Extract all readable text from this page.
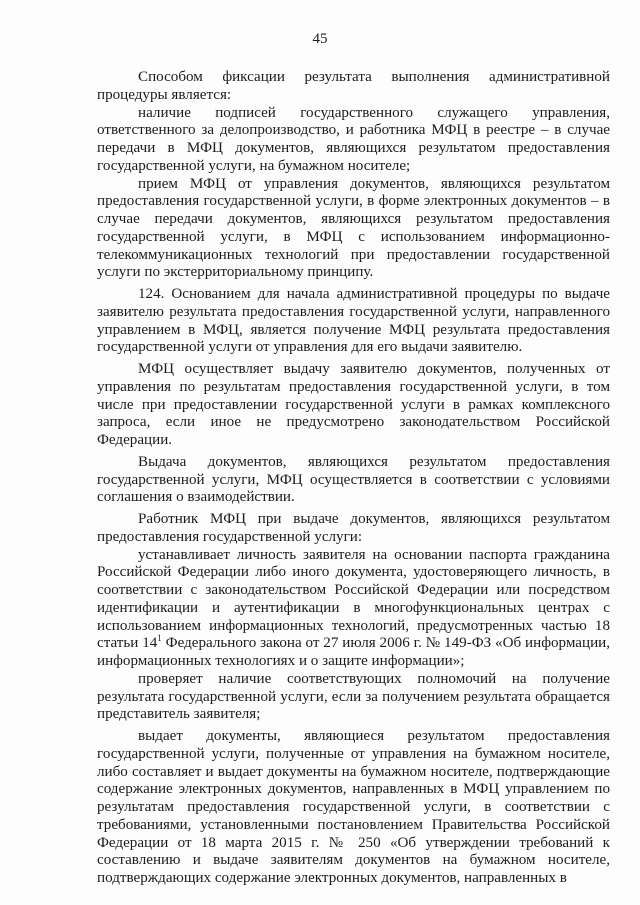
45

Способом фиксации результата выполнения административной процедуры является:

наличие подписей государственного служащего управления, ответственного за делопроизводство, и работника МФЦ в реестре – в случае передачи в МФЦ документов, являющихся результатом предоставления государственной услуги, на бумажном носителе;

прием МФЦ от управления документов, являющихся результатом предоставления государственной услуги, в форме электронных документов – в случае передачи документов, являющихся результатом предоставления государственной услуги, в МФЦ с использованием информационно-телекоммуникационных технологий при предоставлении государственной услуги по экстерриториальному принципу.

124. Основанием для начала административной процедуры по выдаче заявителю результата предоставления государственной услуги, направленного управлением в МФЦ, является получение МФЦ результата предоставления государственной услуги от управления для его выдачи заявителю.

МФЦ осуществляет выдачу заявителю документов, полученных от управления по результатам предоставления государственной услуги, в том числе при предоставлении государственной услуги в рамках комплексного запроса, если иное не предусмотрено законодательством Российской Федерации.

Выдача документов, являющихся результатом предоставления государственной услуги, МФЦ осуществляется в соответствии с условиями соглашения о взаимодействии.

Работник МФЦ при выдаче документов, являющихся результатом предоставления государственной услуги:

устанавливает личность заявителя на основании паспорта гражданина Российской Федерации либо иного документа, удостоверяющего личность, в соответствии с законодательством Российской Федерации или посредством идентификации и аутентификации в многофункциональных центрах с использованием информационных технологий, предусмотренных частью 18 статьи $14^1$ Федерального закона от 27 июля 2006 г. № 149-ФЗ «Об информации, информационных технологиях и о защите информации»;

проверяет наличие соответствующих полномочий на получение результата государственной услуги, если за получением результата обращается представитель заявителя;

выдает документы, являющиеся результатом предоставления государственной услуги, полученные от управления на бумажном носителе, либо составляет и выдает документы на бумажном носителе, подтверждающие содержание электронных документов, направленных в МФЦ управлением по результатам предоставления государственной услуги, в соответствии с требованиями, установленными постановлением Правительства Российской Федерации от 18 марта 2015 г. № 250 «Об утверждении требований к составлению и выдаче заявителям документов на бумажном носителе, подтверждающих содержание электронных документов, направленных в
